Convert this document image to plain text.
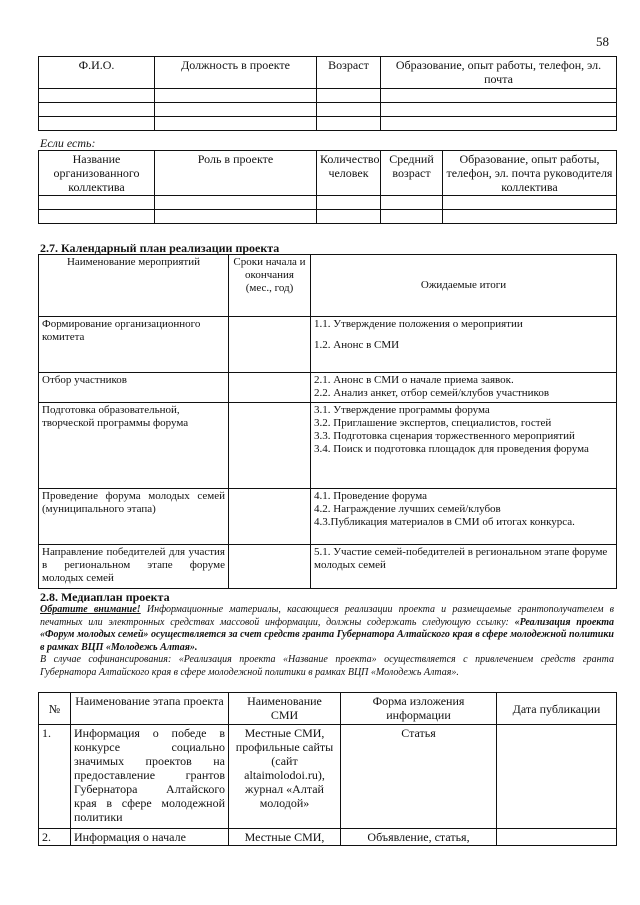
58
Ф.И.О.	Должность в проекте	Возраст	Образование, опыт работы, телефон, эл. почта

Если есть:
Название организованного коллектива	Роль в проекте	Количество человек	Средний возраст	Образование, опыт работы, телефон, эл. почта руководителя коллектива

2.7. Календарный план реализации проекта
Наименование мероприятий	Сроки начала и окончания (мес., год)	Ожидаемые итоги
Формирование организационного комитета		1.1. Утверждение положения о мероприятии
1.2. Анонс в СМИ

Отбор участников		2.1. Анонс в СМИ о начале приема заявок.
2.2. Анализ анкет, отбор семей/клубов участников

Подготовка образовательной, творческой программы форума		3.1. Утверждение программы форума
3.2. Приглашение экспертов, специалистов, гостей
3.3. Подготовка сценария торжественного мероприятий
3.4. Поиск и подготовка площадок для проведения форума

Проведение форума молодых семей (муниципального этапа)		4.1. Проведение форума
4.2. Награждение лучших семей/клубов
4.3.Публикация материалов в СМИ об итогах конкурса.

Направление победителей для участия в региональном этапе форуме молодых семей		5.1. Участие семей-победителей в региональном этапе форуме молодых семей
2.8. Медиаплан проекта
Обратите внимание! Информационные материалы, касающиеся реализации проекта и размещаемые грантополучателем в печатных или электронных средствах массовой информации, должны содержать следующую ссылку: «Реализация проекта «Форум молодых семей» осуществляется за счет средств гранта Губернатора Алтайского края в сфере молодежной политики в рамках ВЦП «Молодежь Алтая».
В случае софинансирования: «Реализация проекта «Название проекта» осуществляется с привлечением средств гранта Губернатора Алтайского края в сфере молодежной политики в рамках ВЦП «Молодежь Алтая».
№	Наименование этапа проекта	Наименование СМИ	Форма изложения информации	Дата публикации
1.	Информация о победе в конкурсе социально значимых проектов на предоставление грантов Губернатора Алтайского края в сфере молодежной политики	Местные СМИ, профильные сайты (сайт altaimolodoi.ru), журнал «Алтай молодой»	Статья	
2.	Информация о начале	Местные СМИ,	Объявление, статья,	
